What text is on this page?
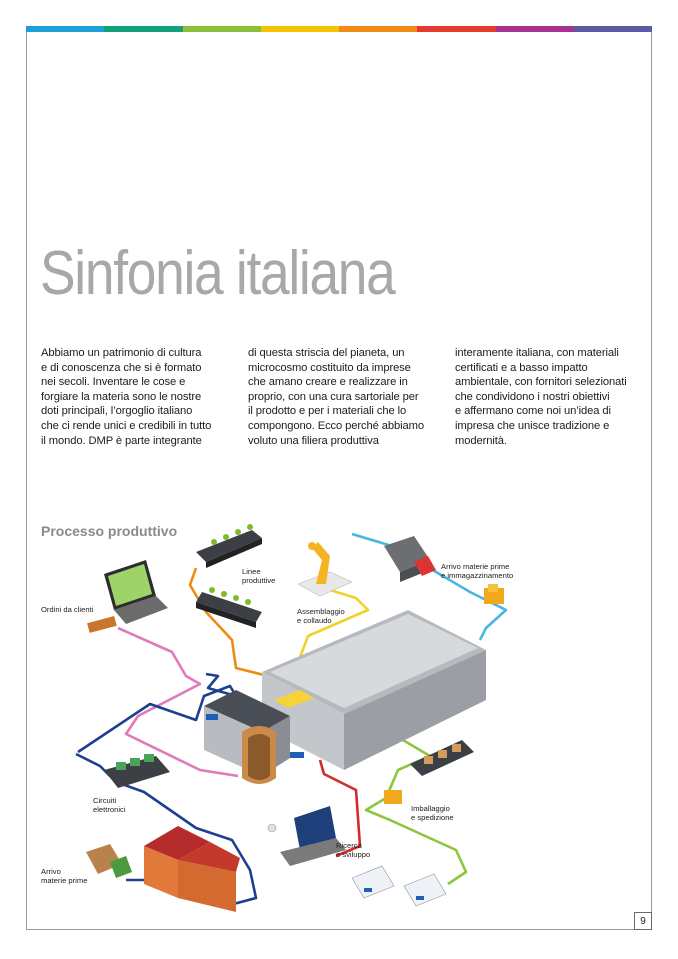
Sinfonia italiana
Abbiamo un patrimonio di cultura
e di conoscenza che si è formato
nei secoli. Inventare le cose e
forgiare la materia sono le nostre
doti principali, l’orgoglio italiano
che ci rende unici e credibili in tutto
il mondo. DMP è parte integrante
di questa striscia del pianeta, un
microcosmo costituito da imprese
che amano creare e realizzare in
proprio, con una cura sartoriale per
il prodotto e per i materiali che lo
compongono. Ecco perché abbiamo
voluto una filiera produttiva
interamente italiana, con materiali
certificati e a basso impatto
ambientale, con fornitori selezionati
che condividono i nostri obiettivi
e affermano come noi un’idea di
impresa che unisce tradizione e
modernità.
Processo produttivo
Ordini da clienti
Linee
produttive
Assemblaggio
e collaudo
Arrivo materie prime
e immagazzinamento
Circuiti
elettronici	Imballaggio
e spedizione
Ricerca
e sviluppo
Arrivo
materie prime
9
